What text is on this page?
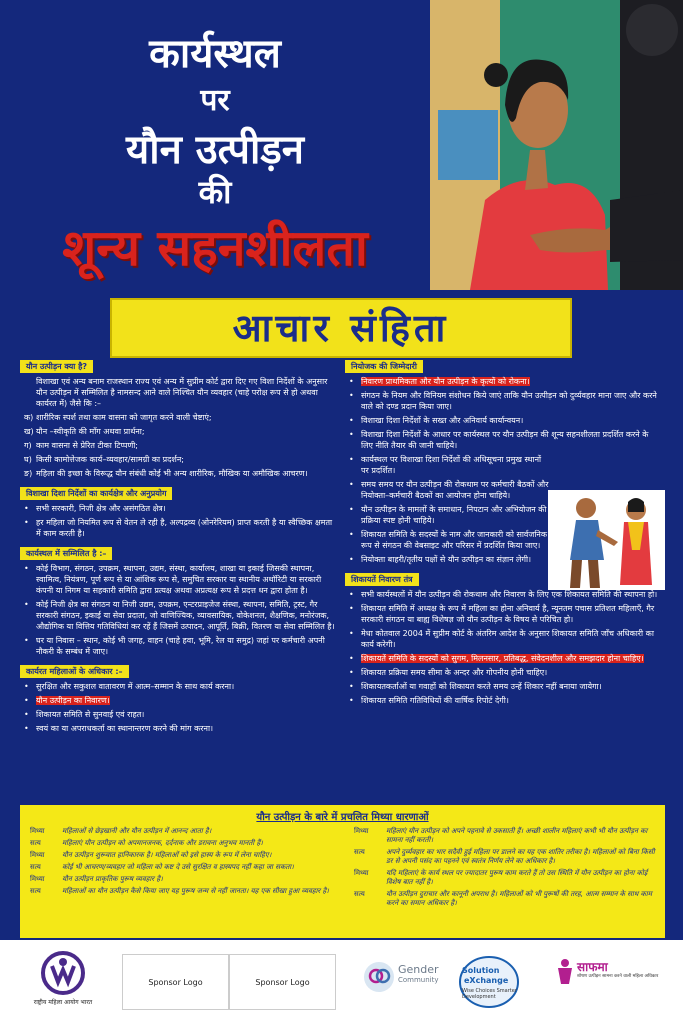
कार्यस्थल
पर
यौन उत्पीड़न
की
शून्य सहनशीलता
आचार संहिता
यौन उत्पीड़न क्या है?
विशाखा एवं अन्य बनाम राजस्थान राज्य एवं अन्य में सुप्रीम कोर्ट द्वारा दिए गए विशा निर्देशों के अनुसार यौन उत्पीड़न में सम्मिलित है नामसन्द आने वाले निश्चित यौन व्यवहार (चाहे परोक्ष रूप से हो अथवा कार्यरत में) जैसे कि :–
क) शारीरिक स्पर्श तथा काम वासना को जागृत करने वाली चेष्टाएं;
ख) यौन –स्वीकृति की माँग अथवा प्रार्थना;
ग) काम वासना से प्रेरित टीका टिप्पणी;
घ) किसी कामोत्तेजक कार्य–व्यवहार/सामग्री का प्रदर्शन;
ङ) महिला की इच्छा के विरूद्ध यौन संबंधी कोई भी अन्य शारीरिक, मौखिक या अमौखिक आचरण।
विशाखा दिशा निर्देशों का कार्यक्षेत्र और अनुप्रयोग
• सभी सरकारी, निजी क्षेत्र और असंगठित क्षेत्र।
• हर महिला जो नियमित रूप से वेतन ले रही है, अल्पद्रव्य (ओनरेरियम) प्राप्त करती है या स्वैच्छिक क्षमता में काम करती है।
कार्यस्थल में सम्मिलित है :–
• कोई विभाग, संगठन, उपक्रम, स्थापना, उद्यम, संस्था, कार्यालय, शाखा या इकाई जिसकी स्थापना, स्वामित्व, नियंत्रण, पूर्ण रूप से या आंशिक रूप से, समुचित सरकार या स्थानीय अथॉरिटी या सरकारी कंपनी या निगम या सहकारी समिति द्वारा प्रत्यक्ष अथवा अप्रत्यक्ष रूप से प्रदत्त धन द्वारा होता है।
• कोई निजी क्षेत्र का संगठन या निजी उद्यम, उपक्रम, एन्टरप्राइजेज संस्था, स्थापना, समिति, ट्रस्ट, गैर सरकारी संगठन, इकाई या सेवा प्रदाता, जो वाणिज्यिक, व्यावसायिक, वोकेशनल, शैक्षणिक, मनोरंजक, औद्योगिक या वित्तिय गतिविधियां कर रहें हैं जिसमें उत्पादन, आपूर्ति, बिक्री, वितरण या सेवा सम्मिलित है।
• घर या निवास – स्थान, कोई भी जगह, वाहन (चाहे हवा, भूमि, रेल या समुद्र) जहां पर कर्मचारी अपनी नौकरी के सम्बंध में जाए।
कार्यरत महिलाओं के अधिकार :–
• सुरक्षित और सकुशल वातावरण में आत्म–सम्मान के साथ कार्य करना।
• यौन उत्पीड़न का निवारण।
• शिकायत समिति से सुनवाई एवं राहत।
• स्वयं का या अपराधकर्ता का स्थानान्तरण करने की मांग करना।
नियोजक की जिम्मेदारी
• निवारण प्राथमिकता और यौन उत्पीड़न के कृत्यों को रोकना।
• संगठन के नियम और विनियम संशोधन किये जाएं ताकि यौन उत्पीड़न को दुर्व्यवहार माना जाए और करने वाले को दण्ड प्रदान किया जाए।
• विशाखा दिशा निर्देशों के सख्त और अनिवार्य कार्यान्वयन।
• विशाखा दिशा निर्देशों के आधार पर कार्यस्थल पर यौन उत्पीड़न की शून्य सहनशीलता प्रदर्शित करने के लिए नीति तैयार की जानी चाहिये।
• कार्यस्थल पर विशाखा दिशा निर्देशों की अधिसूचना प्रमुख स्थानों पर प्रदर्शित।
• समय समय पर यौन उत्पीड़न की रोकथाम पर कर्मचारी बैठकों और नियोक्ता–कर्मचारी बैठकों का आयोजन होना चाहिये।
• यौन उत्पीड़न के मामलों के समाधान, निपटान और अभियोजन की प्रक्रिया स्पष्ट होनी चाहिये।
• शिकायत समिति के सदस्यों के नाम और जानकारी को सार्वजनिक रूप से संगठन की वेबसाइट और परिसर में प्रदर्शित किया जाए।
• नियोक्ता बाहरी/तृतीय पक्षों से यौन उत्पीड़न का संज्ञान लेगी।
शिकायतें निवारण तंत्र
• सभी कार्यस्थलों में यौन उत्पीड़न की रोकथाम और निवारण के लिए एक शिकायत समिति की स्थापना हो।
• शिकायत समिति में अध्यक्ष के रूप में महिला का होना अनिवार्य है, न्यूनतम पचास प्रतिशत महिलाएँ, गैर सरकारी संगठन या बाह्य विशेषज्ञ जो यौन उत्पीड़न के विषय से परिचित हो।
• मेधा कोतवाल 2004 में सुप्रीम कोर्ट के अंतरिम आदेश के अनुसार शिकायत समिति जाँच अधिकारी का कार्य करेगी।
• शिकायतें समिति के सदस्यों को सुगम, मिलनसार, प्रतिबद्ध, संवेदनशील और समझदार होना चाहिए।
• शिकायत प्रक्रिया समय सीमा के अन्दर और गोपनीय होनी चाहिए।
• शिकायतकर्ताओं या गवाहों को शिकायत करते समय उन्हें शिकार नहीं बनाया जायेगा।
• शिकायत समिति गतिविधियों की वार्षिक रिपोर्ट देगी।
यौन उत्पीड़न के बारे में प्रचलित मिथ्या धारणाओं
मिथ्या	महिलाओं से छेड़खानी और यौन उत्पीड़न में आनन्द आता है।
सत्य	महिलाएं यौन उत्पीड़न को अपमानजनक, दर्दनाक और डरावना अनुभव मानती हैं।
मिथ्या	यौन उत्पीड़न शुरूवात हानिकारक है। महिलाओं को इसे हास्य के रूप में लेना चाहिए।
सत्य	कोई भी आचरण/व्यवहार जो महिला को कष्ट दे उसे सुरक्षित व हास्यपद नहीं कहा जा सकता।
मिथ्या	यौन उत्पीड़न प्राकृतिक पुरूष व्यवहार है।
सत्य	महिलाओं का यौन उत्पीड़न कैसे किया जाए यह पुरूष जन्म से नहीं जानता। यह एक सीखा हुआ व्यवहार है।
मिथ्या	महिलाएं यौन उत्पीड़न को अपने पहनावे से उकसाती हैं। अच्छी शालीन महिलाएं कभी भी यौन उत्पीड़न का सामना नहीं करती।
सत्य	अपने दुर्व्यवहार का भार सदैवी हुई महिला पर डालने का यह एक शातिर तरीका है। महिलाओं को बिना किसी डर से अपनी पसंद का पहनने एवं स्वतंत्र निर्णय लेने का अधिकार है।
मिथ्या	यदि महिलाएं के कार्य स्थल पर ज्यादातर पुरूष काम करते हैं तो उस स्थिति में यौन उत्पीड़न का होना कोई विशेष बात नहीं है।
सत्य	यौन उत्पीड़न दुराचार और कानूनी अपराध है। महिलाओं को भी पुरूषों की तरह, आत्म सम्मान के साथ काम करने का समान अधिकार है।
राष्ट्रीय महिला आयोग भारत
Sponsor Logo	Sponsor Logo
Gender
Community
Solution
eXchange
Wise Choices Smarter Development
साफमा
शोषण उत्पीड़न सामना करने वाली महिला अधिकार
